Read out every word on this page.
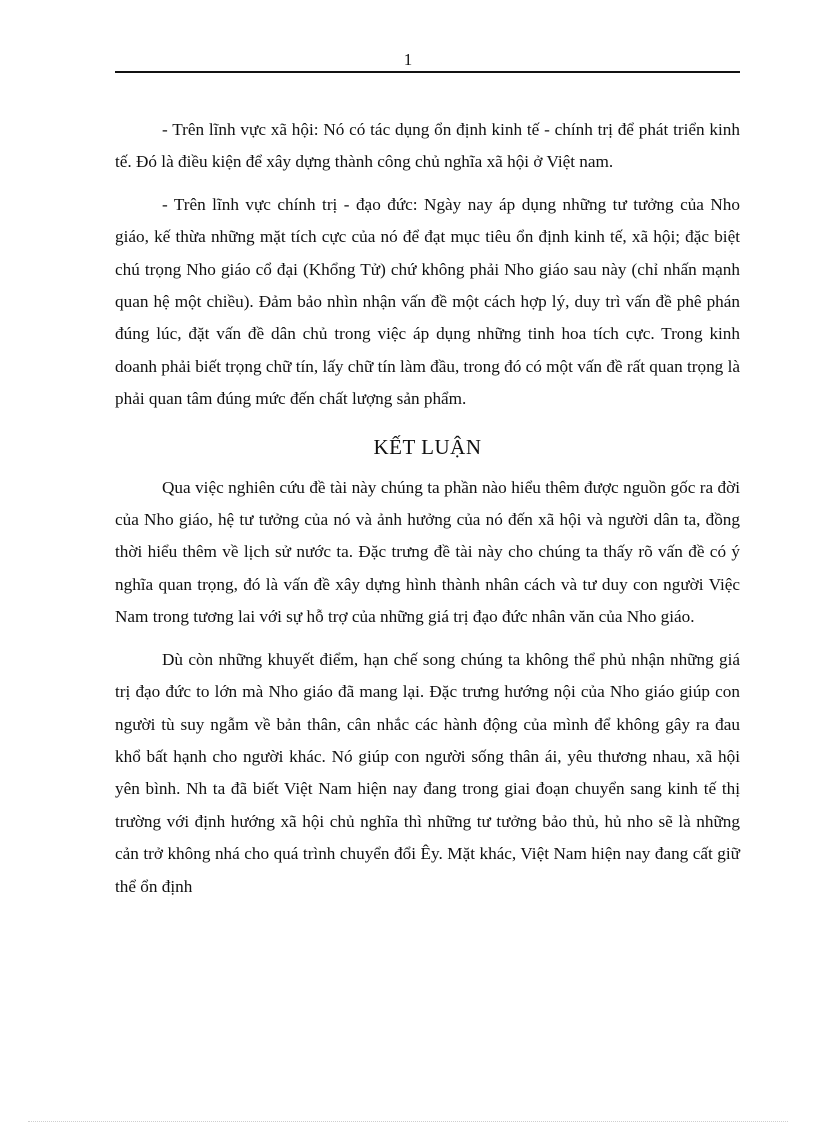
1

- Trên lĩnh vực xã hội: Nó có tác dụng ổn định kinh tế - chính trị để phát triển kinh tế. Đó là điều kiện để xây dựng thành công chủ nghĩa xã hội ở Việt nam.

- Trên lĩnh vực chính trị - đạo đức: Ngày nay áp dụng những tư tưởng của Nho giáo, kế thừa những mặt tích cực của nó để đạt mục tiêu ổn định kinh tế, xã hội; đặc biệt chú trọng Nho giáo cổ đại (Khổng Tử) chứ không phải Nho giáo sau này (chỉ nhấn mạnh quan hệ một chiều). Đảm bảo nhìn nhận vấn đề một cách hợp lý, duy trì vấn đề phê phán đúng lúc, đặt vấn đề dân chủ trong việc áp dụng những tinh hoa tích cực. Trong kinh doanh phải biết trọng chữ tín, lấy chữ tín làm đầu, trong đó có một vấn đề rất quan trọng là phải quan tâm đúng mức đến chất lượng sản phẩm.

KẾT LUẬN

Qua việc nghiên cứu đề tài này chúng ta phần nào hiểu thêm được nguồn gốc ra đời của Nho giáo, hệ tư tưởng của nó và ảnh hưởng của nó đến xã hội và người dân ta, đồng thời hiểu thêm về lịch sử nước ta. Đặc trưng đề tài này cho chúng ta thấy rõ vấn đề có ý nghĩa quan trọng, đó là vấn đề xây dựng hình thành nhân cách và tư duy con người Việc Nam trong tương lai với sự hỗ trợ của những giá trị đạo đức nhân văn của Nho giáo.

Dù còn những khuyết điểm, hạn chế song chúng ta không thể phủ nhận những giá trị đạo đức to lớn mà Nho giáo đã mang lại. Đặc trưng hướng nội của Nho giáo giúp con người tù suy ngẫm về bản thân, cân nhắc các hành động của mình để không gây ra đau khổ bất hạnh cho người khác. Nó giúp con người sống thân ái, yêu thương nhau, xã hội yên bình. Nh ta đã biết Việt Nam hiện nay đang trong giai đoạn chuyển sang kinh tế thị trường với định hướng xã hội chủ nghĩa thì những tư tưởng bảo thủ, hủ nho sẽ là những cản trở không nhá cho quá trình chuyển đổi Êy. Mặt khác, Việt Nam hiện nay đang cất giữ thể ổn định
